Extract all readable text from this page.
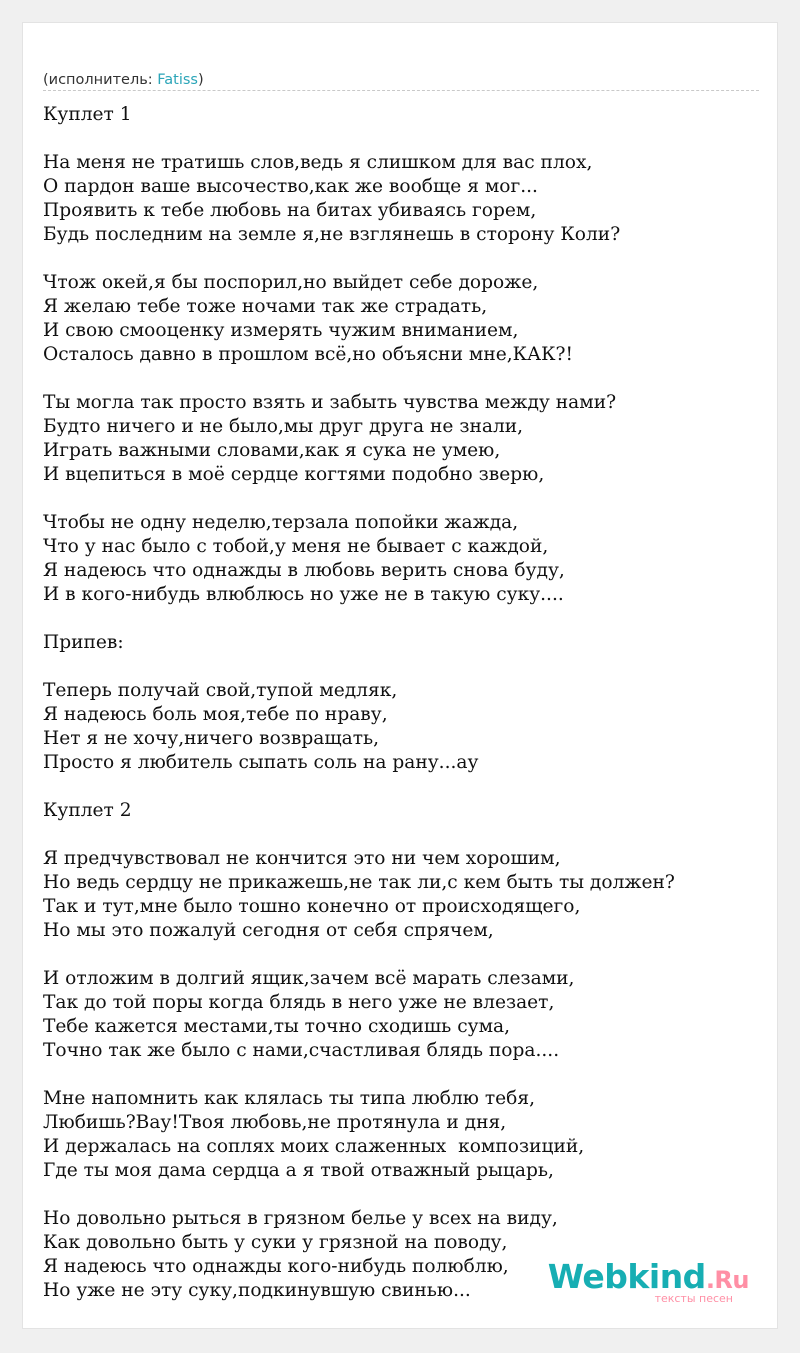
(исполнитель: Fatiss)
Куплет 1
На меня не тратишь слов,ведь я слишком для вас плох,
О пардон ваше высочество,как же вообще я мог...
Проявить к тебе любовь на битах убиваясь горем,
Будь последним на земле я,не взглянешь в сторону Коли?
Чтож окей,я бы поспорил,но выйдет себе дороже,
Я желаю тебе тоже ночами так же страдать,
И свою смооценку измерять чужим вниманием,
Осталось давно в прошлом всё,но объясни мне,КАК?!
Ты могла так просто взять и забыть чувства между нами?
Будто ничего и не было,мы друг друга не знали,
Играть важными словами,как я сука не умею,
И вцепиться в моё сердце когтями подобно зверю,
Чтобы не одну неделю,терзала попойки жажда,
Что у нас было с тобой,у меня не бывает с каждой,
Я надеюсь что однажды в любовь верить снова буду,
И в кого-нибудь влюблюсь но уже не в такую суку....
Припев:
Теперь получай свой,тупой медляк,
Я надеюсь боль моя,тебе по нраву,
Нет я не хочу,ничего возвращать,
Просто я любитель сыпать соль на рану...ау
Куплет 2
Я предчувствовал не кончится это ни чем хорошим,
Но ведь сердцу не прикажешь,не так ли,с кем быть ты должен?
Так и тут,мне было тошно конечно от происходящего,
Но мы это пожалуй сегодня от себя спрячем,
И отложим в долгий ящик,зачем всё марать слезами,
Так до той поры когда блядь в него уже не влезает,
Тебе кажется местами,ты точно сходишь сума,
Точно так же было с нами,счастливая блядь пора....
Мне напомнить как клялась ты типа люблю тебя,
Любишь?Вау!Твоя любовь,не протянула и дня,
И держалась на соплях моих слаженных  композиций,
Где ты моя дама сердца а я твой отважный рыцарь,
Но довольно рыться в грязном белье у всех на виду,
Как довольно быть у суки у грязной на поводу,
Я надеюсь что однажды кого-нибудь полюблю,
Но уже не эту суку,подкинувшую свинью...	Webkind.Ru
тексты песен
